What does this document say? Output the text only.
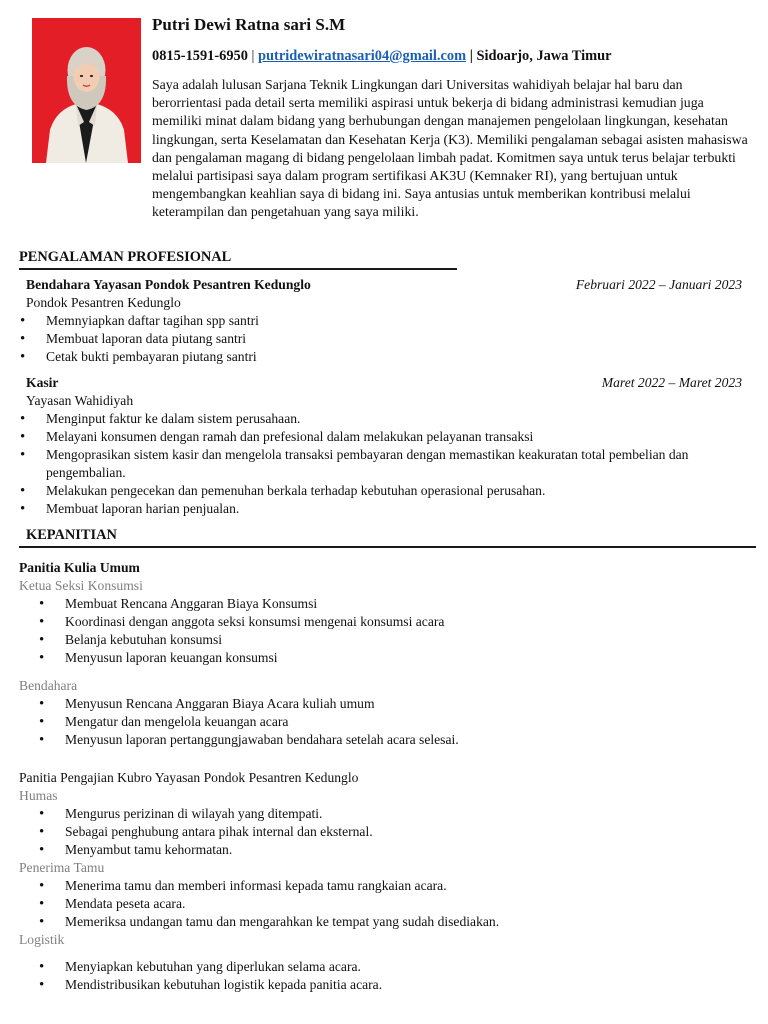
Putri Dewi Ratna sari S.M
0815-1591-6950 | putridewiratnasari04@gmail.com | Sidoarjo, Jawa Timur
Saya adalah lulusan Sarjana Teknik Lingkungan dari Universitas wahidiyah belajar hal baru dan berorrientasi pada detail serta memiliki aspirasi untuk bekerja di bidang administrasi kemudian juga memiliki minat dalam bidang yang berhubungan dengan manajemen pengelolaan lingkungan, kesehatan lingkungan, serta Keselamatan dan Kesehatan Kerja (K3). Memiliki pengalaman sebagai asisten mahasiswa dan pengalaman magang di bidang pengelolaan limbah padat. Komitmen saya untuk terus belajar terbukti melalui partisipasi saya dalam program sertifikasi AK3U (Kemnaker RI), yang bertujuan untuk mengembangkan keahlian saya di bidang ini. Saya antusias untuk memberikan kontribusi melalui keterampilan dan pengetahuan yang saya miliki.
PENGALAMAN PROFESIONAL
Bendahara Yayasan Pondok Pesantren Kedunglo	Februari 2022 – Januari 2023
Pondok Pesantren Kedunglo
• Memnyiapkan daftar tagihan spp santri
• Membuat laporan data piutang santri
• Cetak bukti pembayaran piutang santri
Kasir	Maret 2022 – Maret 2023
Yayasan Wahidiyah
• Menginput faktur ke dalam sistem perusahaan.
• Melayani konsumen dengan ramah dan prefesional dalam melakukan pelayanan transaksi
• Mengoprasikan sistem kasir dan mengelola transaksi pembayaran dengan memastikan keakuratan total pembelian dan pengembalian.
• Melakukan pengecekan dan pemenuhan berkala terhadap kebutuhan operasional perusahan.
• Membuat laporan harian penjualan.
KEPANITIAN
Panitia Kulia Umum
Ketua Seksi Konsumsi
• Membuat Rencana Anggaran Biaya Konsumsi
• Koordinasi dengan anggota seksi konsumsi mengenai konsumsi acara
• Belanja kebutuhan konsumsi
• Menyusun laporan keuangan konsumsi
Bendahara
• Menyusun Rencana Anggaran Biaya Acara kuliah umum
• Mengatur dan mengelola keuangan acara
• Menyusun laporan pertanggungjawaban bendahara setelah acara selesai.
Panitia Pengajian Kubro Yayasan Pondok Pesantren Kedunglo
Humas
• Mengurus perizinan di wilayah yang ditempati.
• Sebagai penghubung antara pihak internal dan eksternal.
• Menyambut tamu kehormatan.
Penerima Tamu
• Menerima tamu dan memberi informasi kepada tamu rangkaian acara.
• Mendata peseta acara.
• Memeriksa undangan tamu dan mengarahkan ke tempat yang sudah disediakan.
Logistik
• Menyiapkan kebutuhan yang diperlukan selama acara.
• Mendistribusikan kebutuhan logistik kepada panitia acara.
